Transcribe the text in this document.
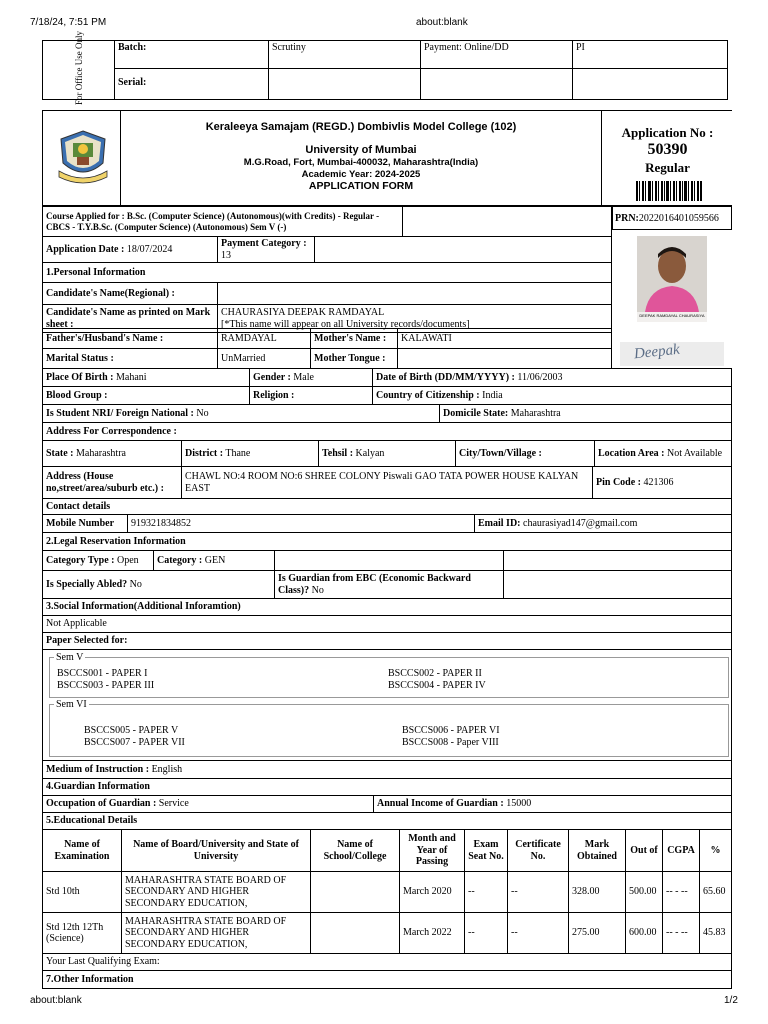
7/18/24, 7:51 PM	about:blank
For Office Use Only	Batch:	Scrutiny	Payment: Online/DD	PI
Serial:
Keraleeya Samajam (REGD.) Dombivlis Model College (102)
University of Mumbai
M.G.Road, Fort, Mumbai-400032, Maharashtra(India)
Academic Year: 2024-2025
APPLICATION FORM
Application No :
50390
Regular
PRN:2022016401059566
DEEPAK RAMDAYAL CHAURASIYA
Deepak
Course Applied for : B.Sc. (Computer Science) (Autonomous)(with Credits) - Regular - CBCS - T.Y.B.Sc. (Computer Science) (Autonomous) Sem V (-)	
Application Date : 18/07/2024	Payment Category : 13	
1.Personal Information		
Candidate's Name(Regional) :		
Candidate's Name as printed on Mark sheet :	CHAURASIYA DEEPAK RAMDAYAL
[*This name will appear on all University records/documents]	
Father's/Husband's Name :	RAMDAYAL	Mother's Name :	KALAWATI
Marital Status :	UnMarried	Mother Tongue :	
Place Of Birth : Mahani	Gender : Male	Date of Birth (DD/MM/YYYY) : 11/06/2003
Blood Group :	Religion :	Country of Citizenship : India
Is Student NRI/ Foreign National : No	Domicile State: Maharashtra
Address For Correspondence :
State : Maharashtra	District : Thane	Tehsil : Kalyan	City/Town/Village :	Location Area : Not Available
Address (House no,street/area/suburb etc.) :	CHAWL NO:4 ROOM NO:6 SHREE COLONY Piswali GAO TATA POWER HOUSE KALYAN EAST	Pin Code : 421306
Contact details
Mobile Number	919321834852	Email ID: chaurasiyad147@gmail.com
2.Legal Reservation Information
Category Type : Open	Category : GEN		
Is Specially Abled? No		Is Guardian from EBC (Economic Backward Class)? No	
3.Social Information(Additional Inforamtion)			
Not Applicable			
Paper Selected for:			
Sem V
BSCCS001 - PAPER I	BSCCS002 - PAPER II
BSCCS003 - PAPER III	BSCCS004 - PAPER IV
Sem VI
BSCCS005 - PAPER V	BSCCS006 - PAPER VI
BSCCS007 - PAPER VII	BSCCS008 - Paper VIII
Medium of Instruction : English
4.Guardian Information
Occupation of Guardian : Service	Annual Income of Guardian : 15000
5.Educational Details
Name of Examination	Name of Board/University and State of University	Name of School/College	Month and Year of Passing	Exam Seat No.	Certificate No.	Mark Obtained	Out of	CGPA	%
Std 10th	MAHARASHTRA STATE BOARD OF SECONDARY AND HIGHER SECONDARY EDUCATION,		March 2020	--	--	328.00	500.00	-- - --	65.60
Std 12th 12Th (Science)	MAHARASHTRA STATE BOARD OF SECONDARY AND HIGHER SECONDARY EDUCATION,		March 2022	--	--	275.00	600.00	-- - --	45.83
Your Last Qualifying Exam:									
7.Other Information									
about:blank	1/2
